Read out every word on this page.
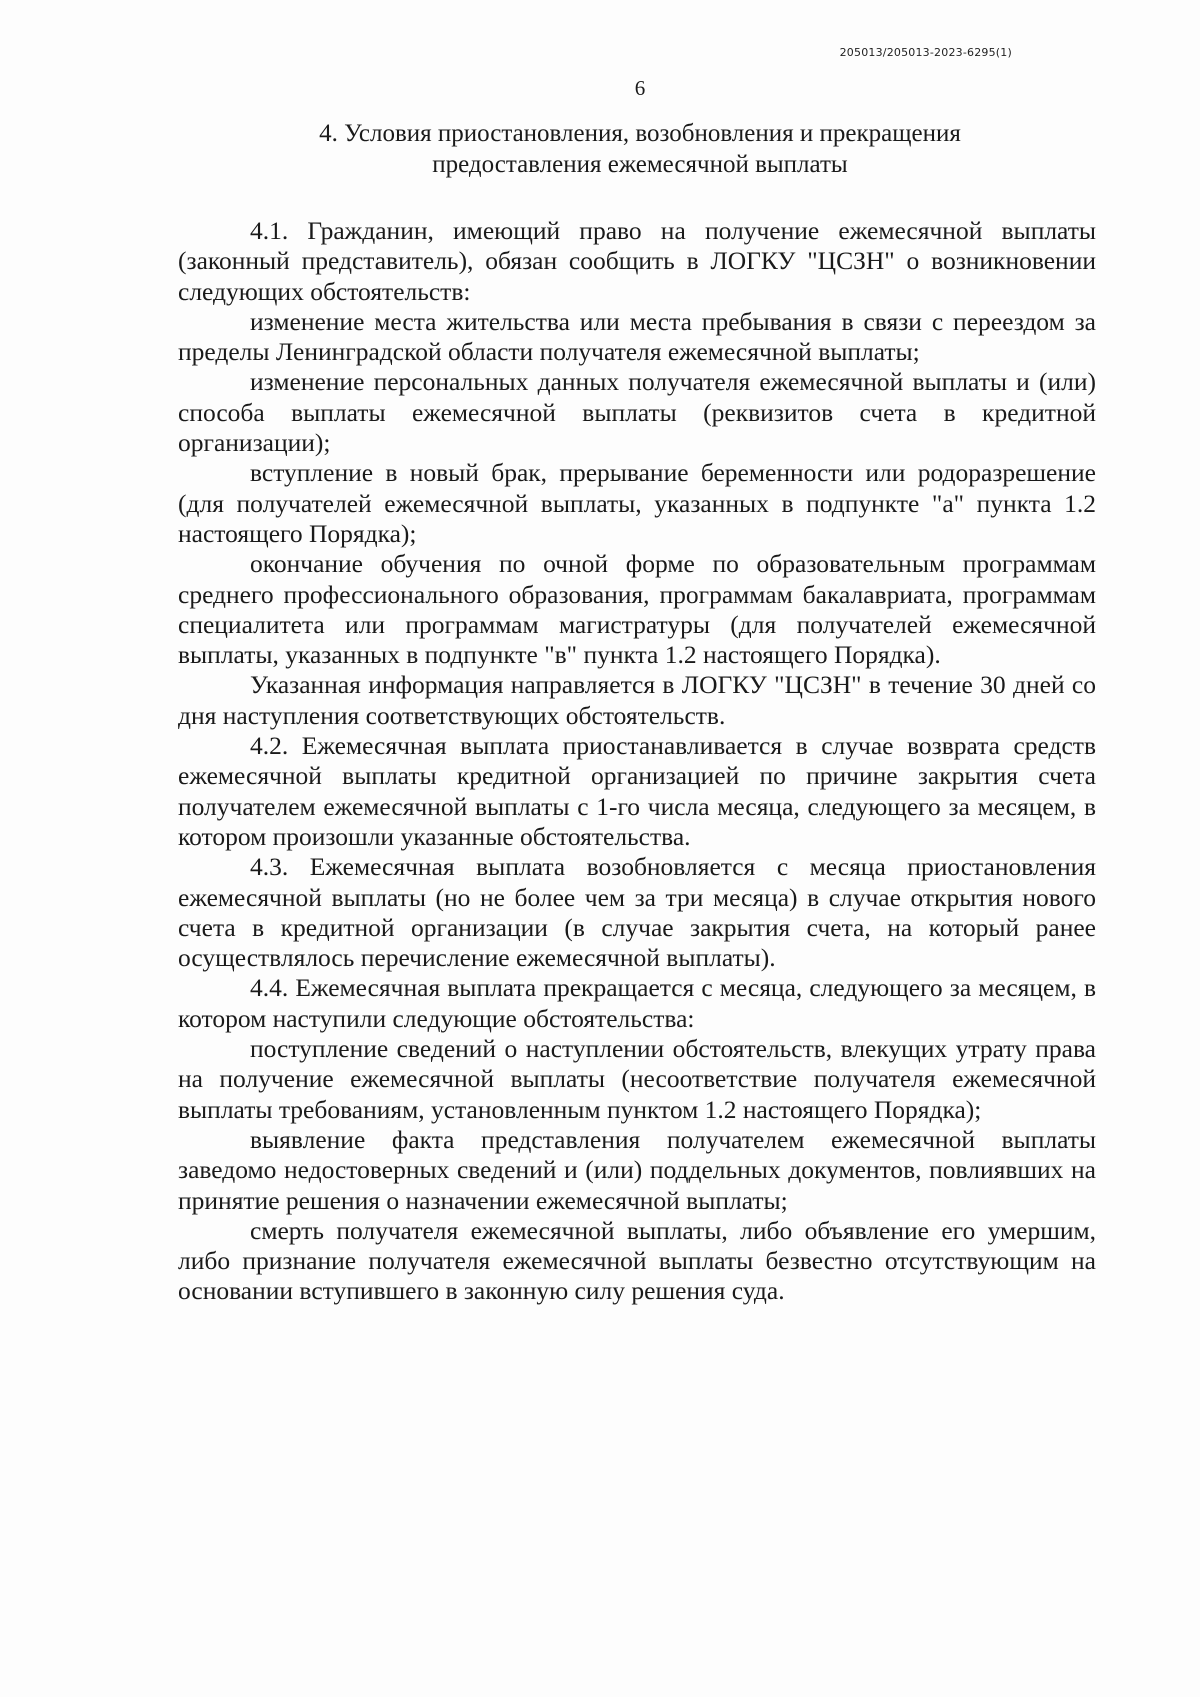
205013/205013-2023-6295(1)
6
4. Условия приостановления, возобновления и прекращения
предоставления ежемесячной выплаты

4.1. Гражданин, имеющий право на получение ежемесячной выплаты (законный представитель), обязан сообщить в ЛОГКУ "ЦСЗН" о возникновении следующих обстоятельств:

изменение места жительства или места пребывания в связи с переездом за пределы Ленинградской области получателя ежемесячной выплаты;

изменение персональных данных получателя ежемесячной выплаты и (или) способа выплаты ежемесячной выплаты (реквизитов счета в кредитной организации);

вступление в новый брак, прерывание беременности или родоразрешение (для получателей ежемесячной выплаты, указанных в подпункте "а" пункта 1.2 настоящего Порядка);

окончание обучения по очной форме по образовательным программам среднего профессионального образования, программам бакалавриата, программам специалитета или программам магистратуры (для получателей ежемесячной выплаты, указанных в подпункте "в" пункта 1.2 настоящего Порядка).

Указанная информация направляется в ЛОГКУ "ЦСЗН" в течение 30 дней со дня наступления соответствующих обстоятельств.

4.2. Ежемесячная выплата приостанавливается в случае возврата средств ежемесячной выплаты кредитной организацией по причине закрытия счета получателем ежемесячной выплаты с 1-го числа месяца, следующего за месяцем, в котором произошли указанные обстоятельства.

4.3. Ежемесячная выплата возобновляется с месяца приостановления ежемесячной выплаты (но не более чем за три месяца) в случае открытия нового счета в кредитной организации (в случае закрытия счета, на который ранее осуществлялось перечисление ежемесячной выплаты).

4.4. Ежемесячная выплата прекращается с месяца, следующего за месяцем, в котором наступили следующие обстоятельства:

поступление сведений о наступлении обстоятельств, влекущих утрату права на получение ежемесячной выплаты (несоответствие получателя ежемесячной выплаты требованиям, установленным пунктом 1.2 настоящего Порядка);

выявление факта представления получателем ежемесячной выплаты заведомо недостоверных сведений и (или) поддельных документов, повлиявших на принятие решения о назначении ежемесячной выплаты;

смерть получателя ежемесячной выплаты, либо объявление его умершим, либо признание получателя ежемесячной выплаты безвестно отсутствующим на основании вступившего в законную силу решения суда.
